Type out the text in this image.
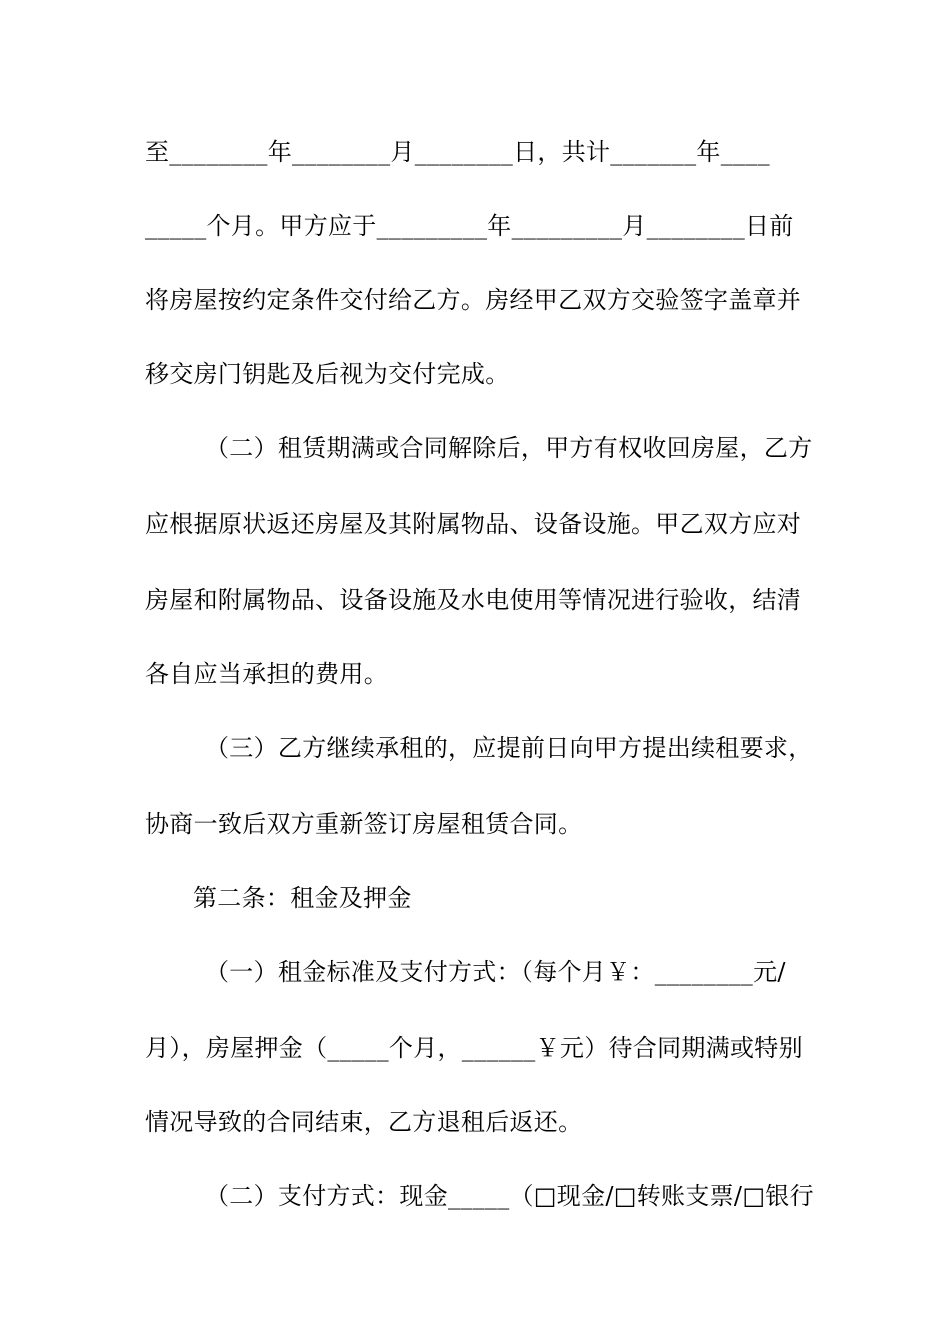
至________年________月________日，共计_______年____
_____个月。甲方应于_________年_________月________日前
将房屋按约定条件交付给乙方。房经甲乙双方交验签字盖章并
移交房门钥匙及后视为交付完成。
（二）租赁期满或合同解除后，甲方有权收回房屋，乙方
应根据原状返还房屋及其附属物品、设备设施。甲乙双方应对
房屋和附属物品、设备设施及水电使用等情况进行验收，结清
各自应当承担的费用。
（三）乙方继续承租的，应提前日向甲方提出续租要求，
协商一致后双方重新签订房屋租赁合同。
第二条：租金及押金
（一）租金标准及支付方式：（每个月￥：________元/
月），房屋押金（_____个月，______￥元）待合同期满或特别
情况导致的合同结束，乙方退租后返还。
（二）支付方式：现金_____（□现金/□转账支票/□银行
